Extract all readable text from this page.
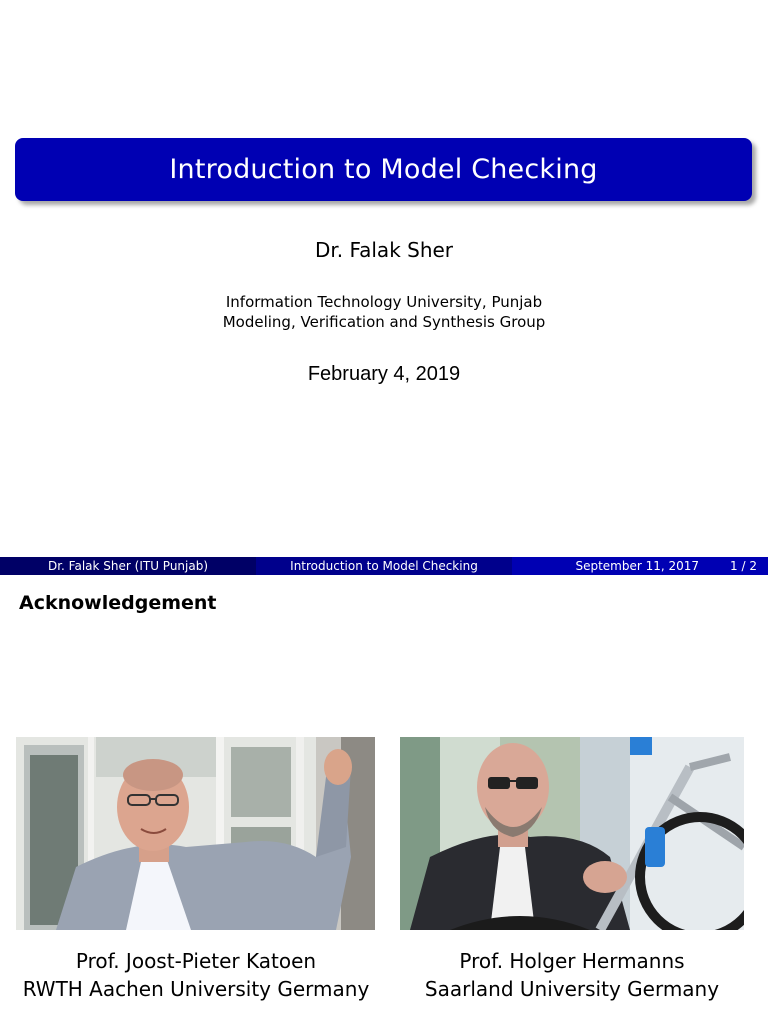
Introduction to Model Checking
Dr. Falak Sher
Information Technology University, Punjab
Modeling, Verification and Synthesis Group
February 4, 2019
Dr. Falak Sher (ITU Punjab)	Introduction to Model Checking	September 11, 2017	1 / 2
Acknowledgement
Prof. Joost-Pieter Katoen
RWTH Aachen University Germany
Prof. Holger Hermanns
Saarland University Germany
